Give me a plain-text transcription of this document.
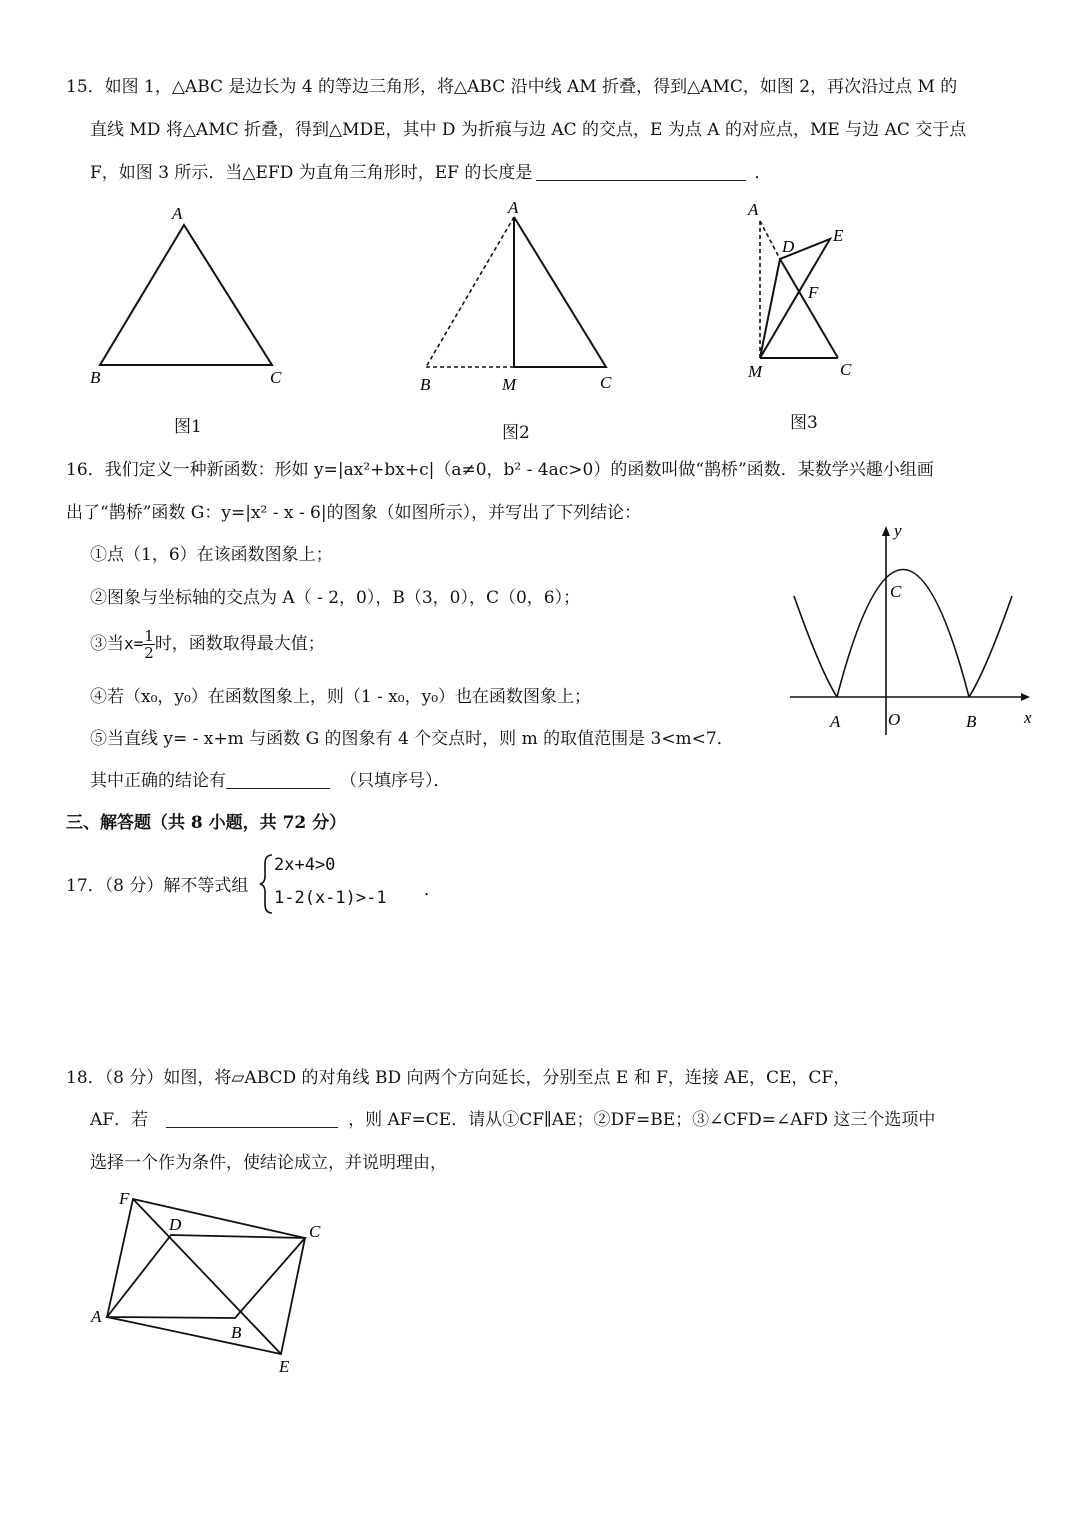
15．如图 1，△ABC 是边长为 4 的等边三角形，将△ABC 沿中线 AM 折叠，得到△AMC，如图 2，再次沿过点 M 的
直线 MD 将△AMC 折叠，得到△MDE，其中 D 为折痕与边 AC 的交点，E 为点 A 的对应点，ME 与边 AC 交于点
F，如图 3 所示．当△EFD 为直角三角形时，EF 的长度是	．
A
B	C
图1
A
B	M	C
图2
A
D
E
F
M	C
图3
16．我们定义一种新函数：形如 y=|ax²+bx+c|（a≠0，b² - 4ac>0）的函数叫做“鹊桥”函数．某数学兴趣小组画
出了“鹊桥”函数 G：y=|x² - x - 6|的图象（如图所示），并写出了下列结论：
①点（1，6）在该函数图象上；
②图象与坐标轴的交点为 A（ - 2，0），B（3，0），C（0，6）；
③当$x= \frac{1}{2}$ 时，函数取得最大值；
④若（x₀，y₀）在函数图象上，则（1 - x₀，y₀）也在函数图象上；
⑤当直线 y= - x+m 与函数 G 的图象有 4 个交点时，则 m 的取值范围是 3<m<7．
其中正确的结论有	（只填序号）．
y
x
C
A	O	B
三、解答题（共 8 小题，共 72 分）
17．（8 分）解不等式组
2x+4>0
1-2(x-1)>-1 ．
18．（8 分）如图，将▱ABCD 的对角线 BD 向两个方向延长，分别至点 E 和 F，连接 AE，CE，CF，
AF．若	，则 AF=CE．请从①CF∥AE；②DF=BE；③∠CFD=∠AFD 这三个选项中
选择一个作为条件，使结论成立，并说明理由，
F
D	C
A
B
E
